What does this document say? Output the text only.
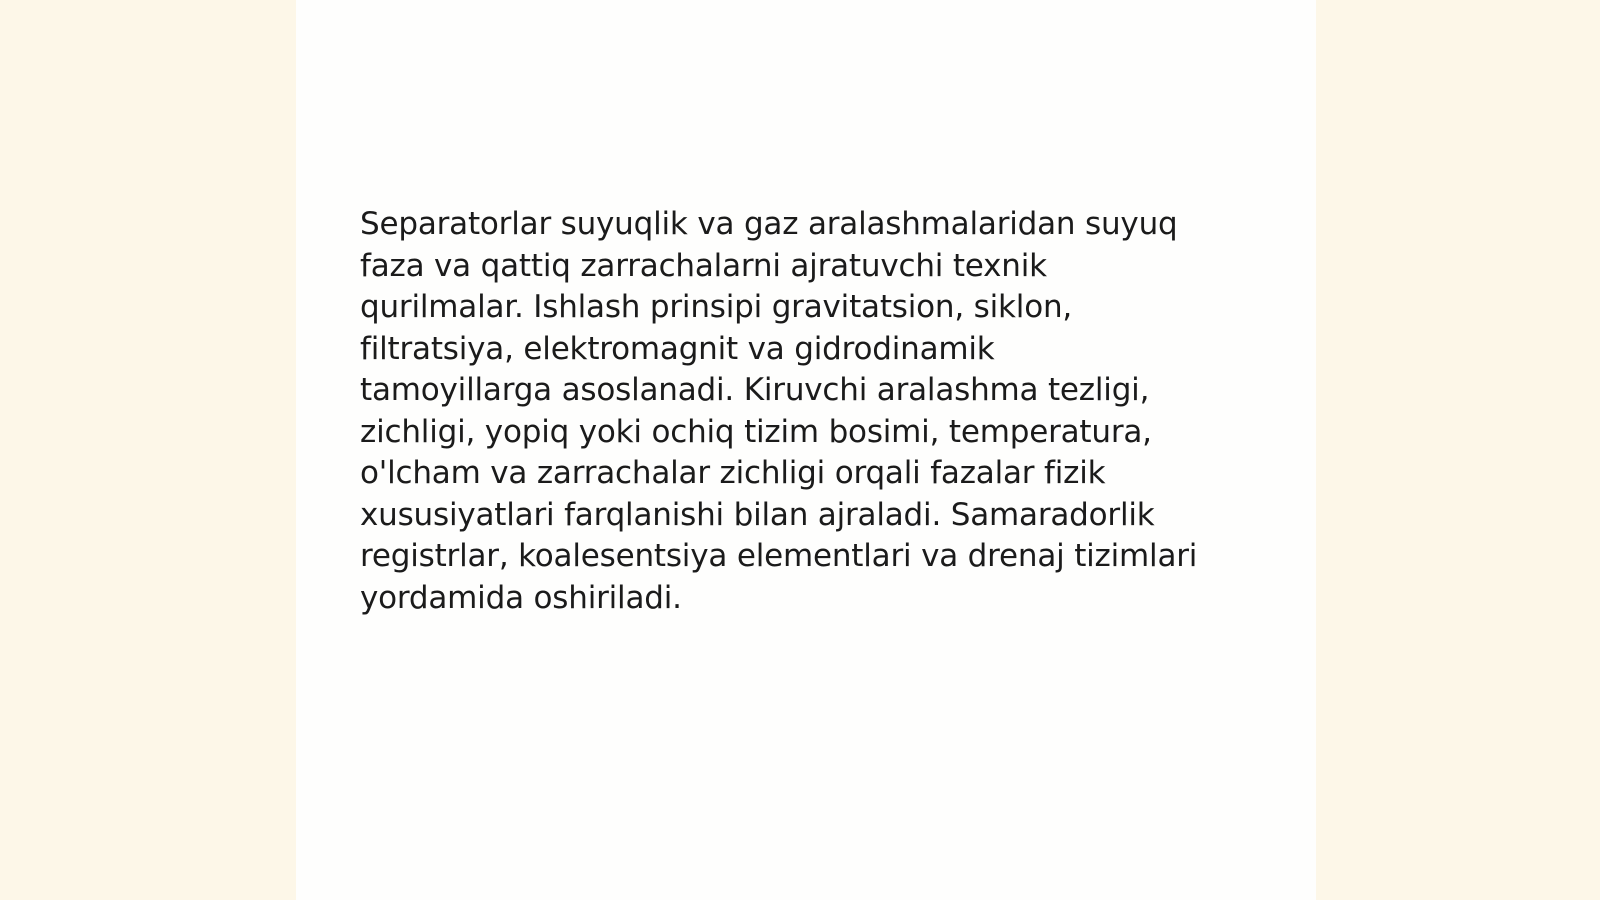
Separatorlar suyuqlik va gaz aralashmalaridan suyuq
faza va qattiq zarrachalarni ajratuvchi texnik
qurilmalar. Ishlash prinsipi gravitatsion, siklon,
filtratsiya, elektromagnit va gidrodinamik
tamoyillarga asoslanadi. Kiruvchi aralashma tezligi,
zichligi, yopiq yoki ochiq tizim bosimi, temperatura,
o'lcham va zarrachalar zichligi orqali fazalar fizik
xususiyatlari farqlanishi bilan ajraladi. Samaradorlik
registrlar, koalesentsiya elementlari va drenaj tizimlari
yordamida oshiriladi.
